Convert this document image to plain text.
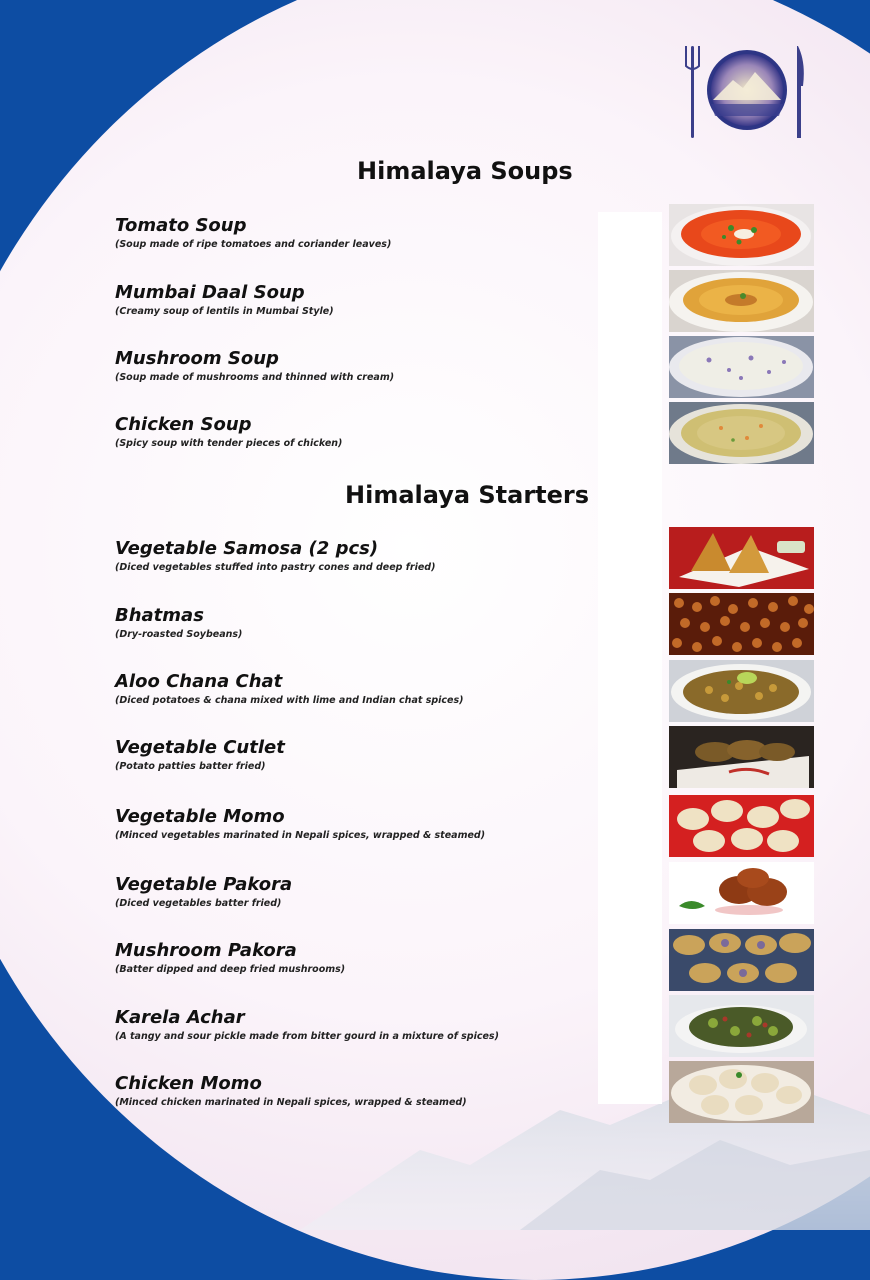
Himalaya Soups
Himalaya Starters
Tomato Soup
(Soup made of ripe tomatoes and coriander leaves)
Mumbai Daal Soup
(Creamy soup of lentils in Mumbai Style)
Mushroom Soup
(Soup made of mushrooms and thinned with cream)
Chicken Soup
(Spicy soup with tender pieces of chicken)
Vegetable Samosa (2 pcs)
(Diced vegetables stuffed into pastry cones and deep fried)
Bhatmas
(Dry-roasted Soybeans)
Aloo Chana Chat
(Diced potatoes & chana mixed with lime and Indian chat spices)
Vegetable Cutlet
(Potato patties batter fried)
Vegetable Momo
(Minced vegetables marinated in Nepali spices, wrapped & steamed)
Vegetable Pakora
(Diced vegetables batter fried)
Mushroom Pakora
(Batter dipped and deep fried mushrooms)
Karela Achar
(A tangy and sour pickle made from bitter gourd in a mixture of spices)
Chicken Momo
(Minced chicken marinated in Nepali spices, wrapped & steamed)
